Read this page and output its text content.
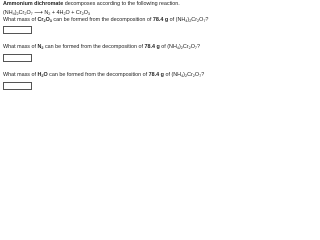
Ammonium dichromate decomposes according to the following reaction.
$(NH_4)_2Cr_2O_7$ ⟶ $N_2 + 4H_2O + Cr_2O_3$
What mass of $Cr_2O_3$ can be formed from the decomposition of 78.4 g of $(NH_4)_2Cr_2O_7$?
What mass of $N_2$ can be formed from the decomposition of 78.4 g of $(NH_4)_2Cr_2O_7$?
What mass of $H_2O$ can be formed from the decomposition of 78.4 g of $(NH_4)_2Cr_2O_7$?
